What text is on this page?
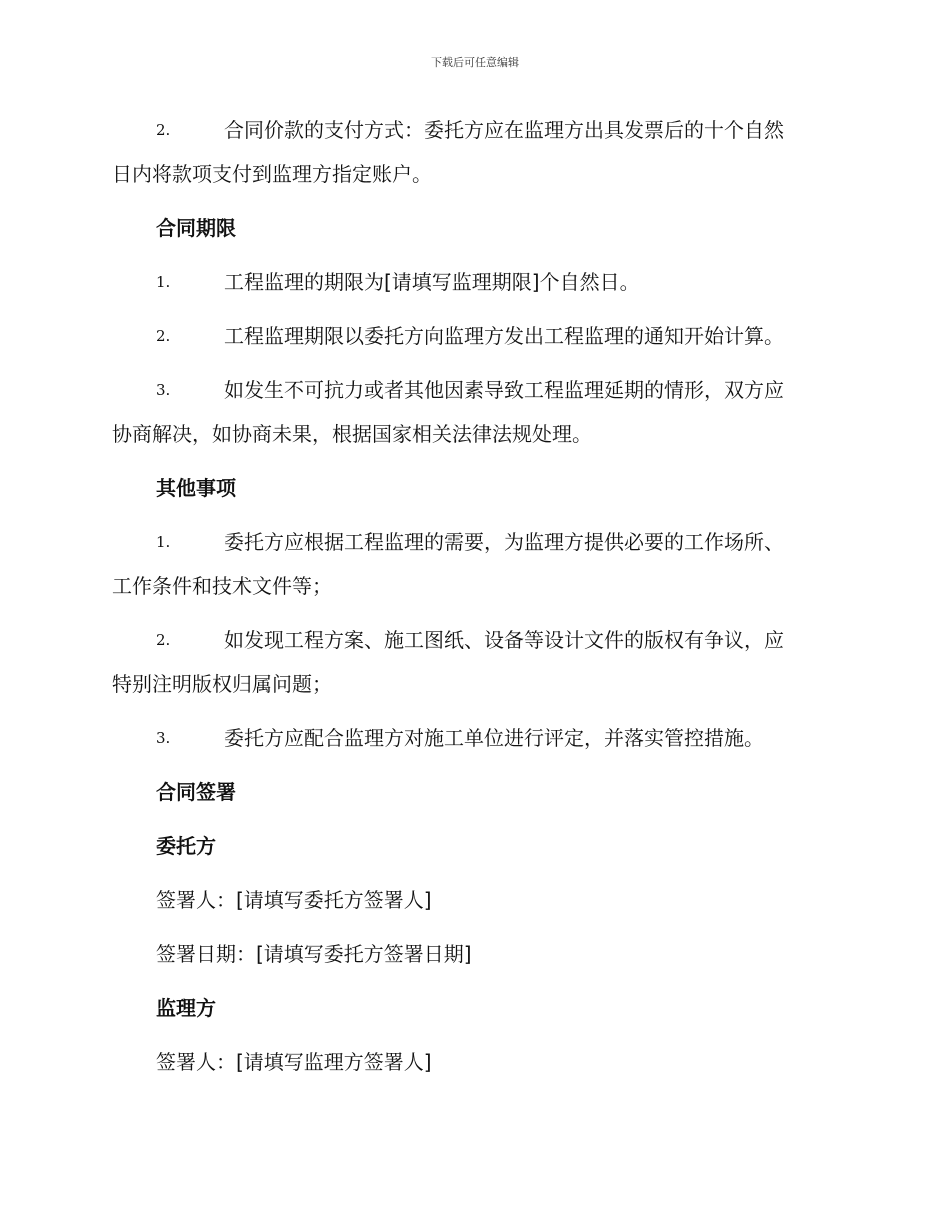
下载后可任意编辑
2.	合同价款的支付方式：委托方应在监理方出具发票后的十个自然
日内将款项支付到监理方指定账户。
合同期限
1.	工程监理的期限为[请填写监理期限]个自然日。
2.	工程监理期限以委托方向监理方发出工程监理的通知开始计算。
3.	如发生不可抗力或者其他因素导致工程监理延期的情形，双方应
协商解决，如协商未果，根据国家相关法律法规处理。
其他事项
1.	委托方应根据工程监理的需要，为监理方提供必要的工作场所、
工作条件和技术文件等；
2.	如发现工程方案、施工图纸、设备等设计文件的版权有争议，应
特别注明版权归属问题；
3.	委托方应配合监理方对施工单位进行评定，并落实管控措施。
合同签署
委托方
签署人：[请填写委托方签署人]
签署日期：[请填写委托方签署日期]
监理方
签署人：[请填写监理方签署人]
